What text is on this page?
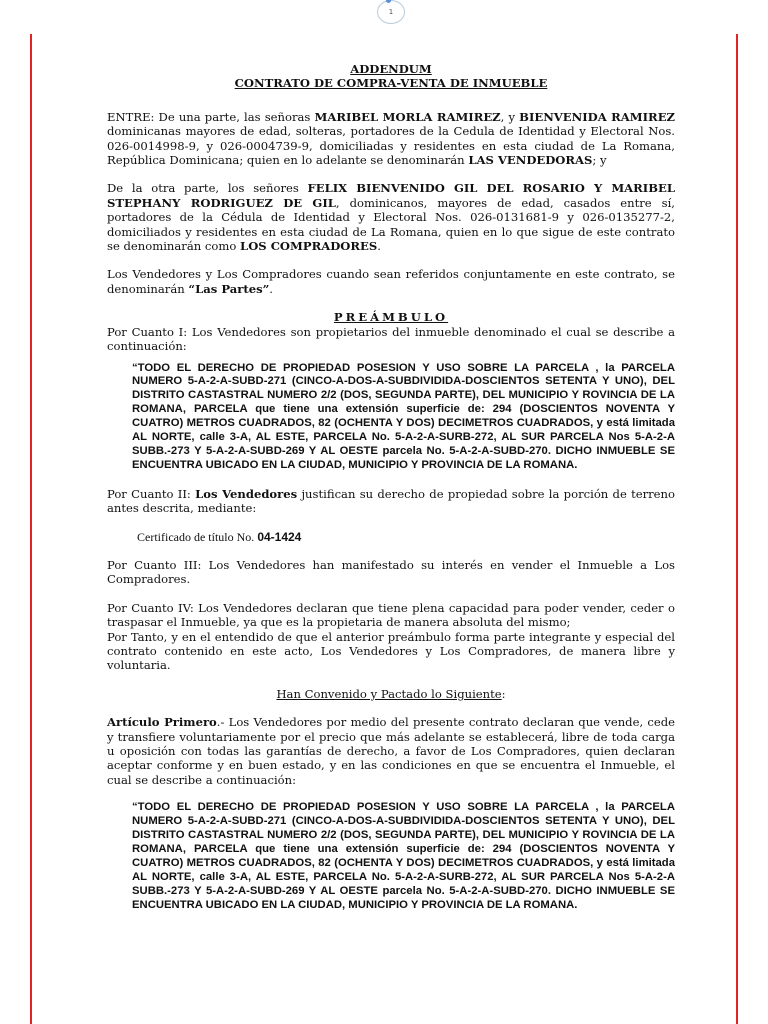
1
ADDENDUM
CONTRATO DE COMPRA-VENTA DE INMUEBLE
ENTRE: De una parte, las señoras MARIBEL MORLA RAMIREZ, y BIENVENIDA RAMIREZ dominicanas mayores de edad, solteras, portadores de la Cedula de Identidad y Electoral Nos. 026-0014998-9, y 026-0004739-9, domiciliadas y residentes en esta ciudad de La Romana, República Dominicana; quien en lo adelante se denominarán LAS VENDEDORAS; y
De la otra parte, los señores FELIX BIENVENIDO GIL DEL ROSARIO Y MARIBEL STEPHANY RODRIGUEZ DE GIL, dominicanos, mayores de edad, casados entre sí, portadores de la Cédula de Identidad y Electoral Nos. 026-0131681-9 y 026-0135277-2, domiciliados y residentes en esta ciudad de La Romana, quien en lo que sigue de este contrato se denominarán como LOS COMPRADORES.
Los Vendedores y Los Compradores cuando sean referidos conjuntamente en este contrato, se denominarán “Las Partes”.
PREÁMBULO
Por Cuanto I: Los Vendedores son propietarios del inmueble denominado el cual se describe a continuación:
“TODO EL DERECHO DE PROPIEDAD POSESION Y USO SOBRE LA PARCELA , la PARCELA NUMERO 5-A-2-A-SUBD-271 (CINCO-A-DOS-A-SUBDIVIDIDA-DOSCIENTOS SETENTA Y UNO), DEL DISTRITO CASTASTRAL NUMERO 2/2 (DOS, SEGUNDA PARTE), DEL MUNICIPIO Y ROVINCIA DE LA ROMANA, PARCELA que tiene una extensión superficie de: 294 (DOSCIENTOS NOVENTA Y CUATRO) METROS CUADRADOS, 82 (OCHENTA Y DOS) DECIMETROS CUADRADOS, y está limitada AL NORTE, calle 3-A, AL ESTE, PARCELA No. 5-A-2-A-SURB-272, AL SUR PARCELA Nos 5-A-2-A SUBB.-273 Y 5-A-2-A-SUBD-269 Y AL OESTE parcela No. 5-A-2-A-SUBD-270. DICHO INMUEBLE SE ENCUENTRA UBICADO EN LA CIUDAD, MUNICIPIO Y PROVINCIA DE LA ROMANA.
Por Cuanto II: Los Vendedores justifican su derecho de propiedad sobre la porción de terreno antes descrita, mediante:
Certificado de título No. 04-1424
Por Cuanto III: Los Vendedores han manifestado su interés en vender el Inmueble a Los Compradores.
Por Cuanto IV: Los Vendedores declaran que tiene plena capacidad para poder vender, ceder o traspasar el Inmueble, ya que es la propietaria de manera absoluta del mismo;
Por Tanto, y en el entendido de que el anterior preámbulo forma parte integrante y especial del contrato contenido en este acto, Los Vendedores y Los Compradores, de manera libre y voluntaria.
Han Convenido y Pactado lo Siguiente:
Artículo Primero.- Los Vendedores por medio del presente contrato declaran que vende, cede y transfiere voluntariamente por el precio que más adelante se establecerá, libre de toda carga u oposición con todas las garantías de derecho, a favor de Los Compradores, quien declaran aceptar conforme y en buen estado, y en las condiciones en que se encuentra el Inmueble, el cual se describe a continuación:
“TODO EL DERECHO DE PROPIEDAD POSESION Y USO SOBRE LA PARCELA , la PARCELA NUMERO 5-A-2-A-SUBD-271 (CINCO-A-DOS-A-SUBDIVIDIDA-DOSCIENTOS SETENTA Y UNO), DEL DISTRITO CASTASTRAL NUMERO 2/2 (DOS, SEGUNDA PARTE), DEL MUNICIPIO Y ROVINCIA DE LA ROMANA, PARCELA que tiene una extensión superficie de: 294 (DOSCIENTOS NOVENTA Y CUATRO) METROS CUADRADOS, 82 (OCHENTA Y DOS) DECIMETROS CUADRADOS, y está limitada AL NORTE, calle 3-A, AL ESTE, PARCELA No. 5-A-2-A-SURB-272, AL SUR PARCELA Nos 5-A-2-A SUBB.-273 Y 5-A-2-A-SUBD-269 Y AL OESTE parcela No. 5-A-2-A-SUBD-270. DICHO INMUEBLE SE ENCUENTRA UBICADO EN LA CIUDAD, MUNICIPIO Y PROVINCIA DE LA ROMANA.
